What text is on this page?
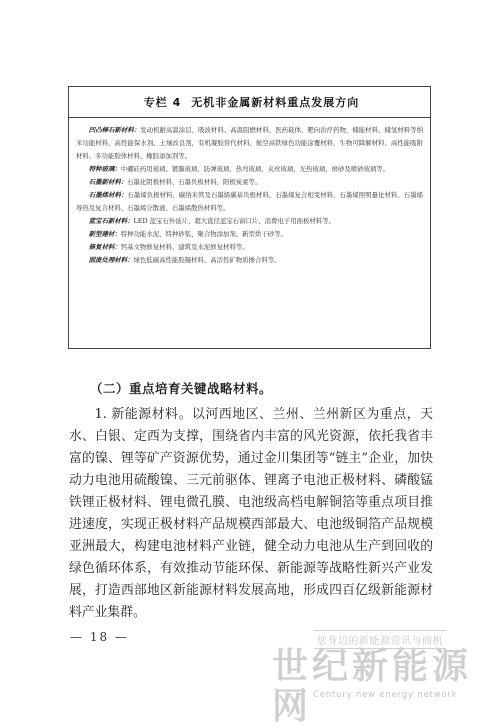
专栏 4 无机非金属新材料重点发展方向

凹凸棒石新材料：发动机耐高温涂层、吸波材料、高温阻燃材料、医药载体、靶向治疗药物，储能材料、储氢材料等纳米功能材料，高性能保水剂、土壤改良剂，有机凝胶替代材料、航空高铁绿色功能涂覆材料，生物可降解材料、高性能吸附材料、多功能胶体材料、橡胶添加剂等。

特种玻璃：中硼硅药用玻璃、镀膜玻璃、防弹玻璃、热弯玻璃、夹丝玻璃、光热玻璃、磨砂及喷砂玻璃等。

石墨新材料：石墨化阴极材料、石墨负极材料，阳极炭素等。

石墨烯材料：石墨烯负极材料、碳纳米管及石墨烯碳基负极材料、石墨烯复合相变材料、石墨烯照明量化材料、石墨烯导热及复合材料、石墨烯分散液、石墨烯散热材料等。

蓝宝石新材料：LED 蓝宝石外延片、超大直径蓝宝石窗口片、消费电子用面板材料等。

新型建材：特种功能水泥、特种砂浆、聚合物添加剂、新型烘干砂等。

修复材料：钙基文物修复材料、建筑及水泥修复材料等。

固废处理材料：绿色低碳高性能胶凝材料、高活性矿物质掺合料等。

（二）重点培育关键战略材料。

1. 新能源材料。以河西地区、兰州、兰州新区为重点，天水、白银、定西为支撑，围绕省内丰富的风光资源，依托我省丰富的镍、锂等矿产资源优势，通过金川集团等“链主”企业，加快动力电池用硫酸镍、三元前驱体、锂离子电池正极材料、磷酸锰铁锂正极材料、锂电微孔膜、电池级高档电解铜箔等重点项目推进速度，实现正极材料产品规模西部最大、电池级铜箔产品规模亚洲最大，构建电池材料产业链，健全动力电池从生产到回收的绿色循环体系，有效推动节能环保、新能源等战略性新兴产业发展，打造西部地区新能源材料发展高地，形成四百亿级新能源材料产业集群。

— 18 —	您身边的新能源资讯与商机
世纪新能源网 Century new energy network
